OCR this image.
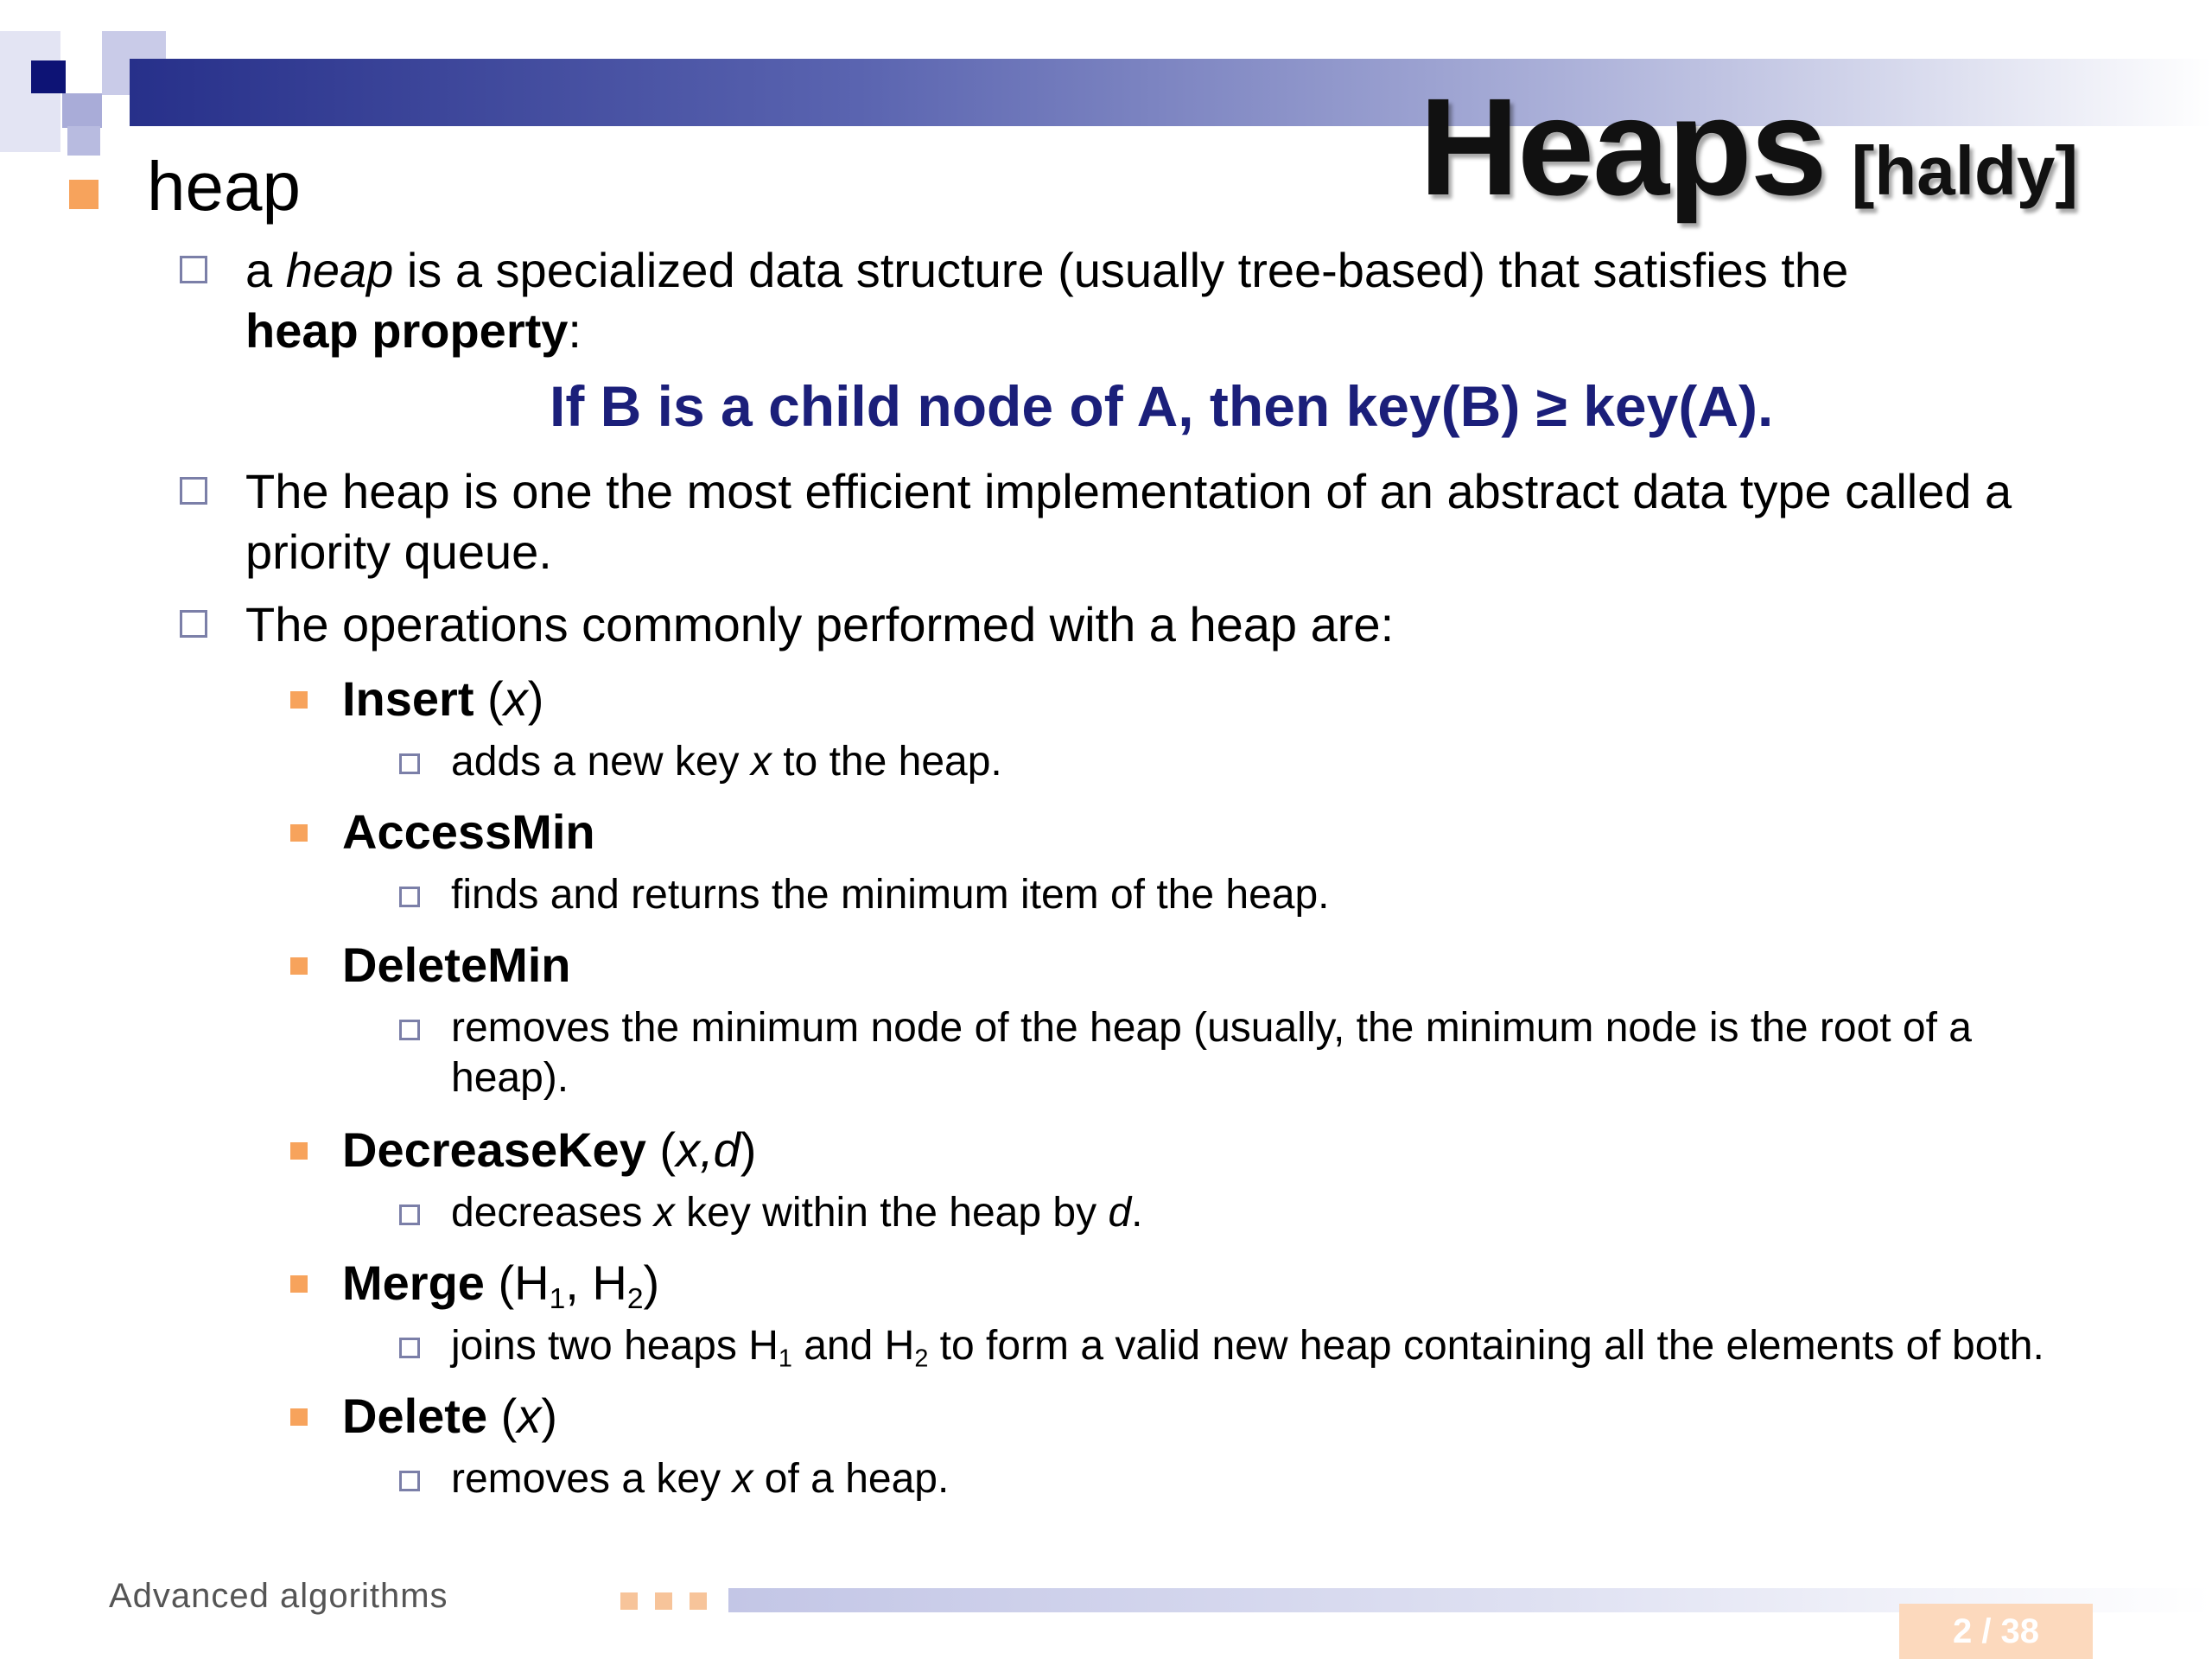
Heaps [haldy]
heap
a heap is a specialized data structure (usually tree-based) that satisfies the
heap property:
If B is a child node of A, then key(B) ≥ key(A).
The heap is one the most efficient implementation of an abstract data type called a
priority queue.
The operations commonly performed with a heap are:
Insert (x)
adds a new key x to the heap.
AccessMin
finds and returns the minimum item of the heap.
DeleteMin
removes the minimum node of the heap (usually, the minimum node is the root of a
heap).
DecreaseKey (x,d)
decreases x key within the heap by d.
Merge ($H_1$, $H_2$)
joins two heaps $H_1$ and $H_2$ to form a valid new heap containing all the elements of both.
Delete (x)
removes a key x of a heap.
Advanced algorithms
2 / 38
